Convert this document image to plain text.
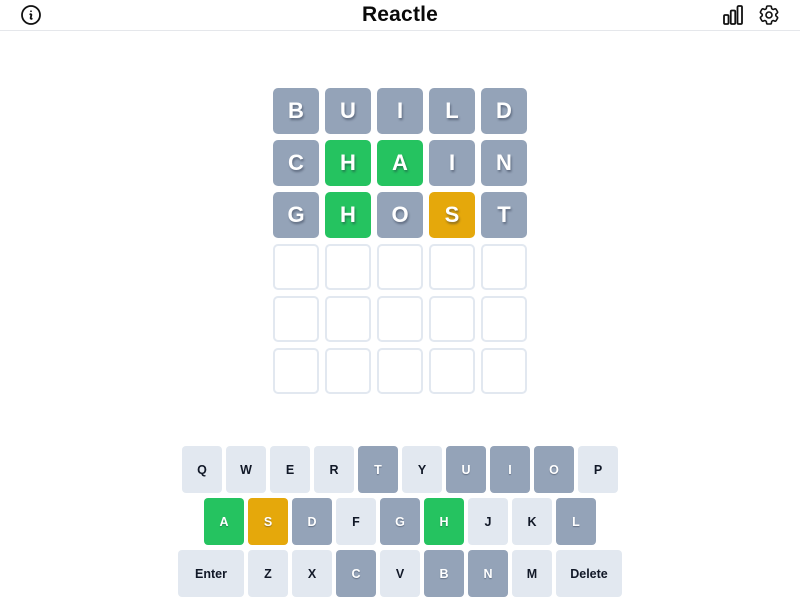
Reactle
B	U	I	L	D
C	H	A	I	N
G	H	O	S	T
Q	W	E	R	T	Y	U	I	O	P
A	S	D	F	G	H	J	K	L
Enter	Z	X	C	V	B	N	M	Delete
